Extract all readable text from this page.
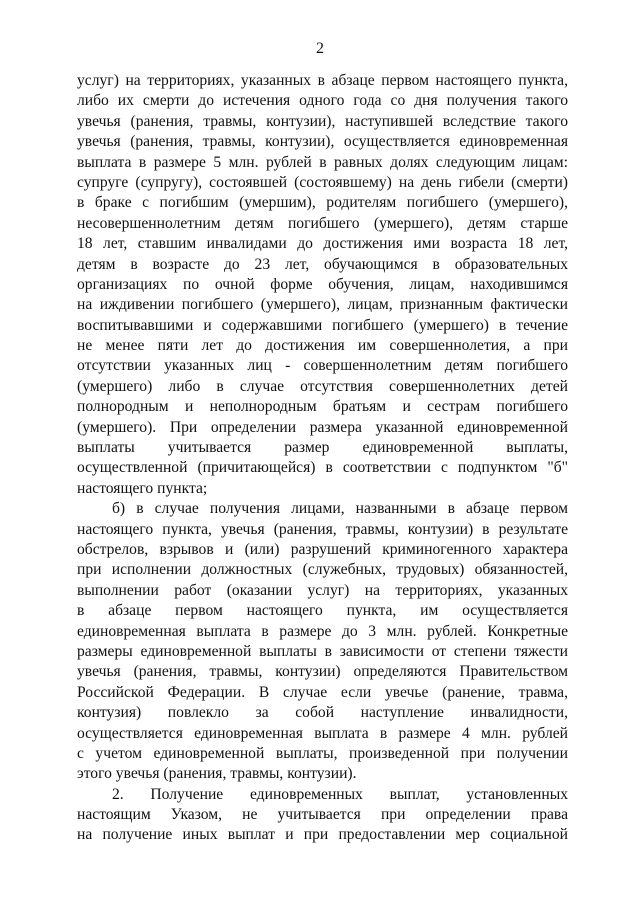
2
услуг) на территориях, указанных в абзаце первом настоящего пункта,
либо их смерти до истечения одного года со дня получения такого
увечья (ранения, травмы, контузии), наступившей вследствие такого
увечья (ранения, травмы, контузии), осуществляется единовременная
выплата в размере 5 млн. рублей в равных долях следующим лицам:
супруге (супругу), состоявшей (состоявшему) на день гибели (смерти)
в браке с погибшим (умершим), родителям погибшего (умершего),
несовершеннолетним детям погибшего (умершего), детям старше
18 лет, ставшим инвалидами до достижения ими возраста 18 лет,
детям в возрасте до 23 лет, обучающимся в образовательных
организациях по очной форме обучения, лицам, находившимся
на иждивении погибшего (умершего), лицам, признанным фактически
воспитывавшими и содержавшими погибшего (умершего) в течение
не менее пяти лет до достижения им совершеннолетия, а при
отсутствии указанных лиц - совершеннолетним детям погибшего
(умершего) либо в случае отсутствия совершеннолетних детей
полнородным и неполнородным братьям и сестрам погибшего
(умершего). При определении размера указанной единовременной
выплаты учитывается размер единовременной выплаты,
осуществленной (причитающейся) в соответствии с подпунктом "б"
настоящего пункта;
б) в случае получения лицами, названными в абзаце первом
настоящего пункта, увечья (ранения, травмы, контузии) в результате
обстрелов, взрывов и (или) разрушений криминогенного характера
при исполнении должностных (служебных, трудовых) обязанностей,
выполнении работ (оказании услуг) на территориях, указанных
в абзаце первом настоящего пункта, им осуществляется
единовременная выплата в размере до 3 млн. рублей. Конкретные
размеры единовременной выплаты в зависимости от степени тяжести
увечья (ранения, травмы, контузии) определяются Правительством
Российской Федерации. В случае если увечье (ранение, травма,
контузия) повлекло за собой наступление инвалидности,
осуществляется единовременная выплата в размере 4 млн. рублей
с учетом единовременной выплаты, произведенной при получении
этого увечья (ранения, травмы, контузии).
2. Получение единовременных выплат, установленных
настоящим Указом, не учитывается при определении права
на получение иных выплат и при предоставлении мер социальной
